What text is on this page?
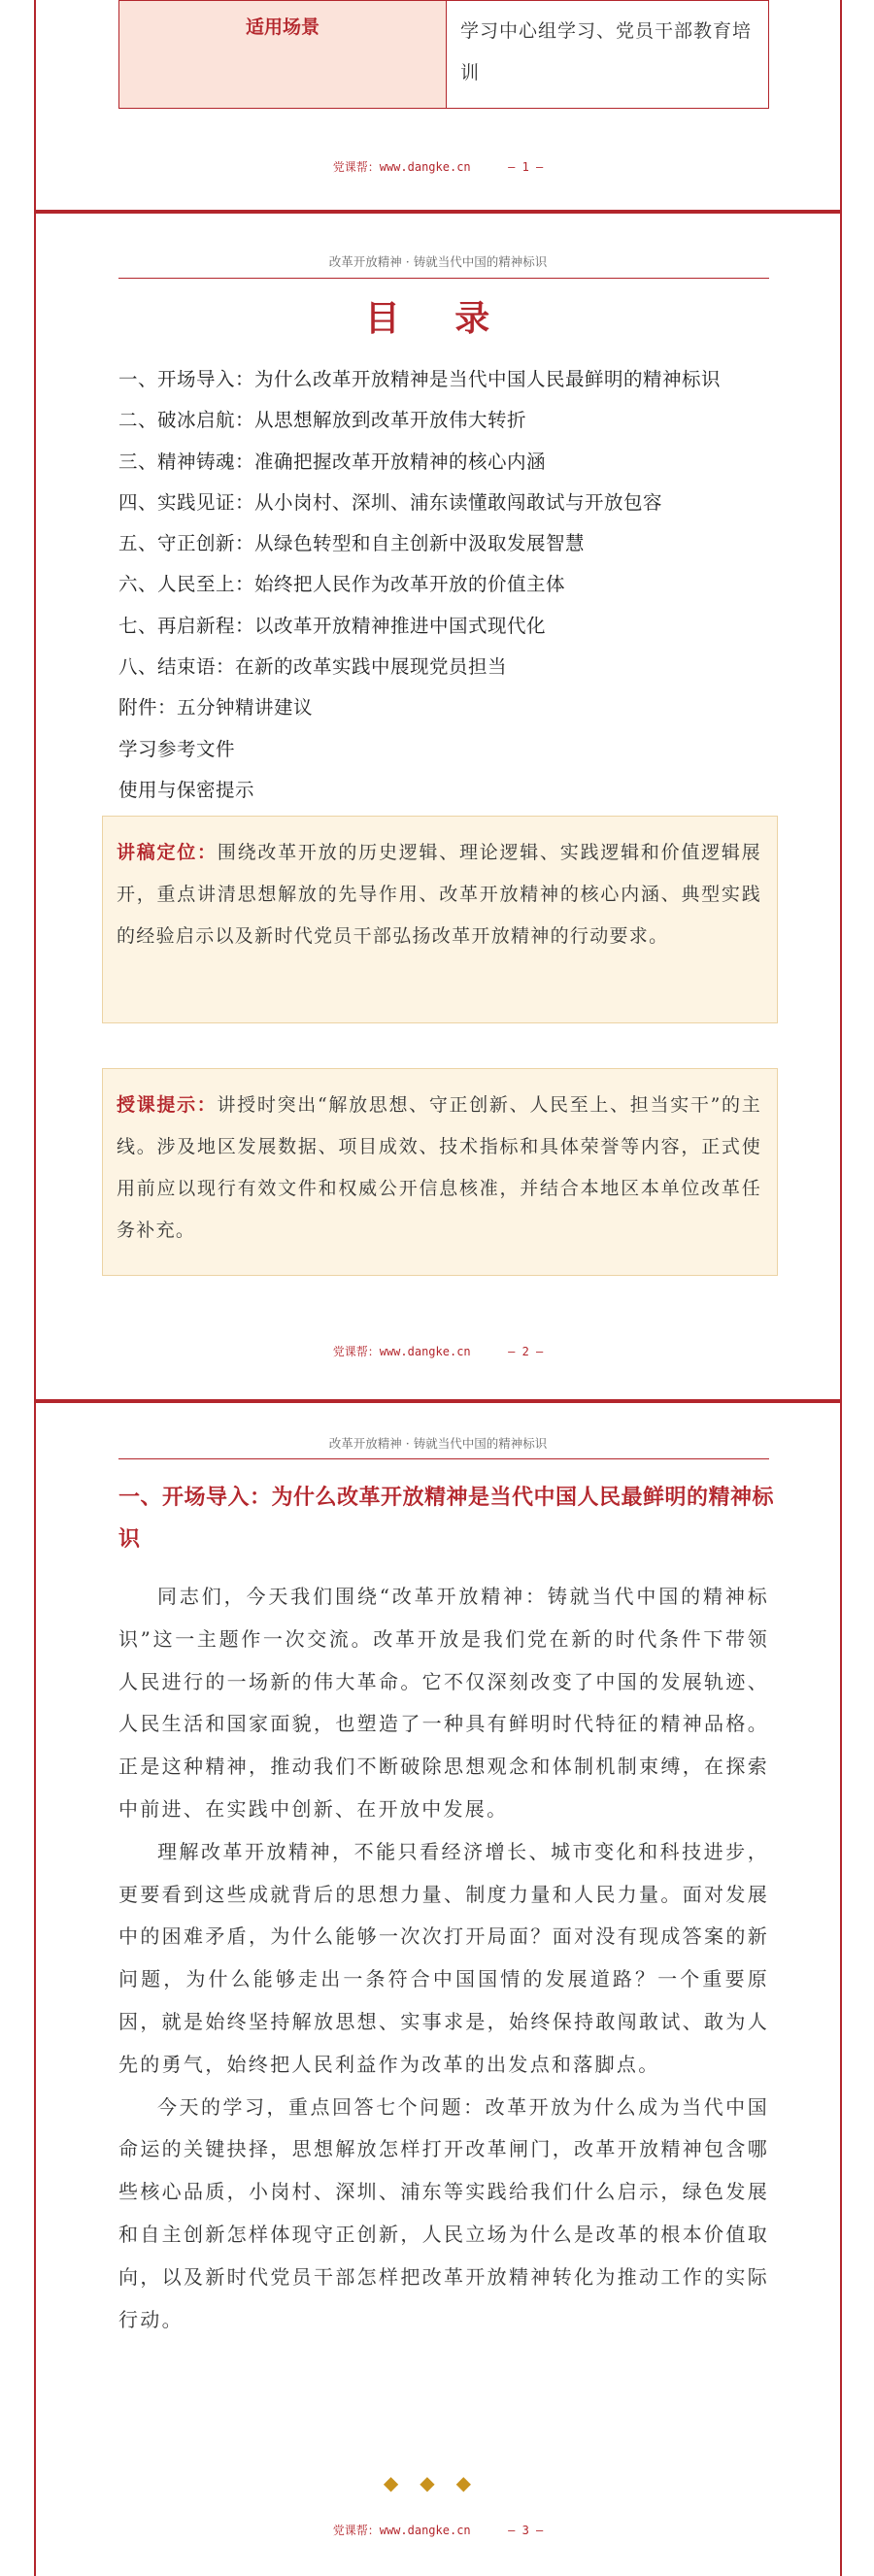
适用场景	学习中心组学习、党员干部教育培训
党课帮：www.dangke.cn	— 1 —
改革开放精神 · 铸就当代中国的精神标识
目 录
一、开场导入：为什么改革开放精神是当代中国人民最鲜明的精神标识
二、破冰启航：从思想解放到改革开放伟大转折
三、精神铸魂：准确把握改革开放精神的核心内涵
四、实践见证：从小岗村、深圳、浦东读懂敢闯敢试与开放包容
五、守正创新：从绿色转型和自主创新中汲取发展智慧
六、人民至上：始终把人民作为改革开放的价值主体
七、再启新程：以改革开放精神推进中国式现代化
八、结束语：在新的改革实践中展现党员担当
附件：五分钟精讲建议
学习参考文件
使用与保密提示
讲稿定位：围绕改革开放的历史逻辑、理论逻辑、实践逻辑和价值逻辑展开，重点讲清思想解放的先导作用、改革开放精神的核心内涵、典型实践的经验启示以及新时代党员干部弘扬改革开放精神的行动要求。
授课提示：讲授时突出“解放思想、守正创新、人民至上、担当实干”的主线。涉及地区发展数据、项目成效、技术指标和具体荣誉等内容，正式使用前应以现行有效文件和权威公开信息核准，并结合本地区本单位改革任务补充。
党课帮：www.dangke.cn	— 2 —
改革开放精神 · 铸就当代中国的精神标识
一、开场导入：为什么改革开放精神是当代中国人民最鲜明的精神标识

同志们，今天我们围绕“改革开放精神：铸就当代中国的精神标识”这一主题作一次交流。改革开放是我们党在新的时代条件下带领人民进行的一场新的伟大革命。它不仅深刻改变了中国的发展轨迹、人民生活和国家面貌，也塑造了一种具有鲜明时代特征的精神品格。正是这种精神，推动我们不断破除思想观念和体制机制束缚，在探索中前进、在实践中创新、在开放中发展。

理解改革开放精神，不能只看经济增长、城市变化和科技进步，更要看到这些成就背后的思想力量、制度力量和人民力量。面对发展中的困难矛盾，为什么能够一次次打开局面？面对没有现成答案的新问题，为什么能够走出一条符合中国国情的发展道路？一个重要原因，就是始终坚持解放思想、实事求是，始终保持敢闯敢试、敢为人先的勇气，始终把人民利益作为改革的出发点和落脚点。

今天的学习，重点回答七个问题：改革开放为什么成为当代中国命运的关键抉择，思想解放怎样打开改革闸门，改革开放精神包含哪些核心品质，小岗村、深圳、浦东等实践给我们什么启示，绿色发展和自主创新怎样体现守正创新，人民立场为什么是改革的根本价值取向，以及新时代党员干部怎样把改革开放精神转化为推动工作的实际行动。

◆◆◆
党课帮：www.dangke.cn	— 3 —
